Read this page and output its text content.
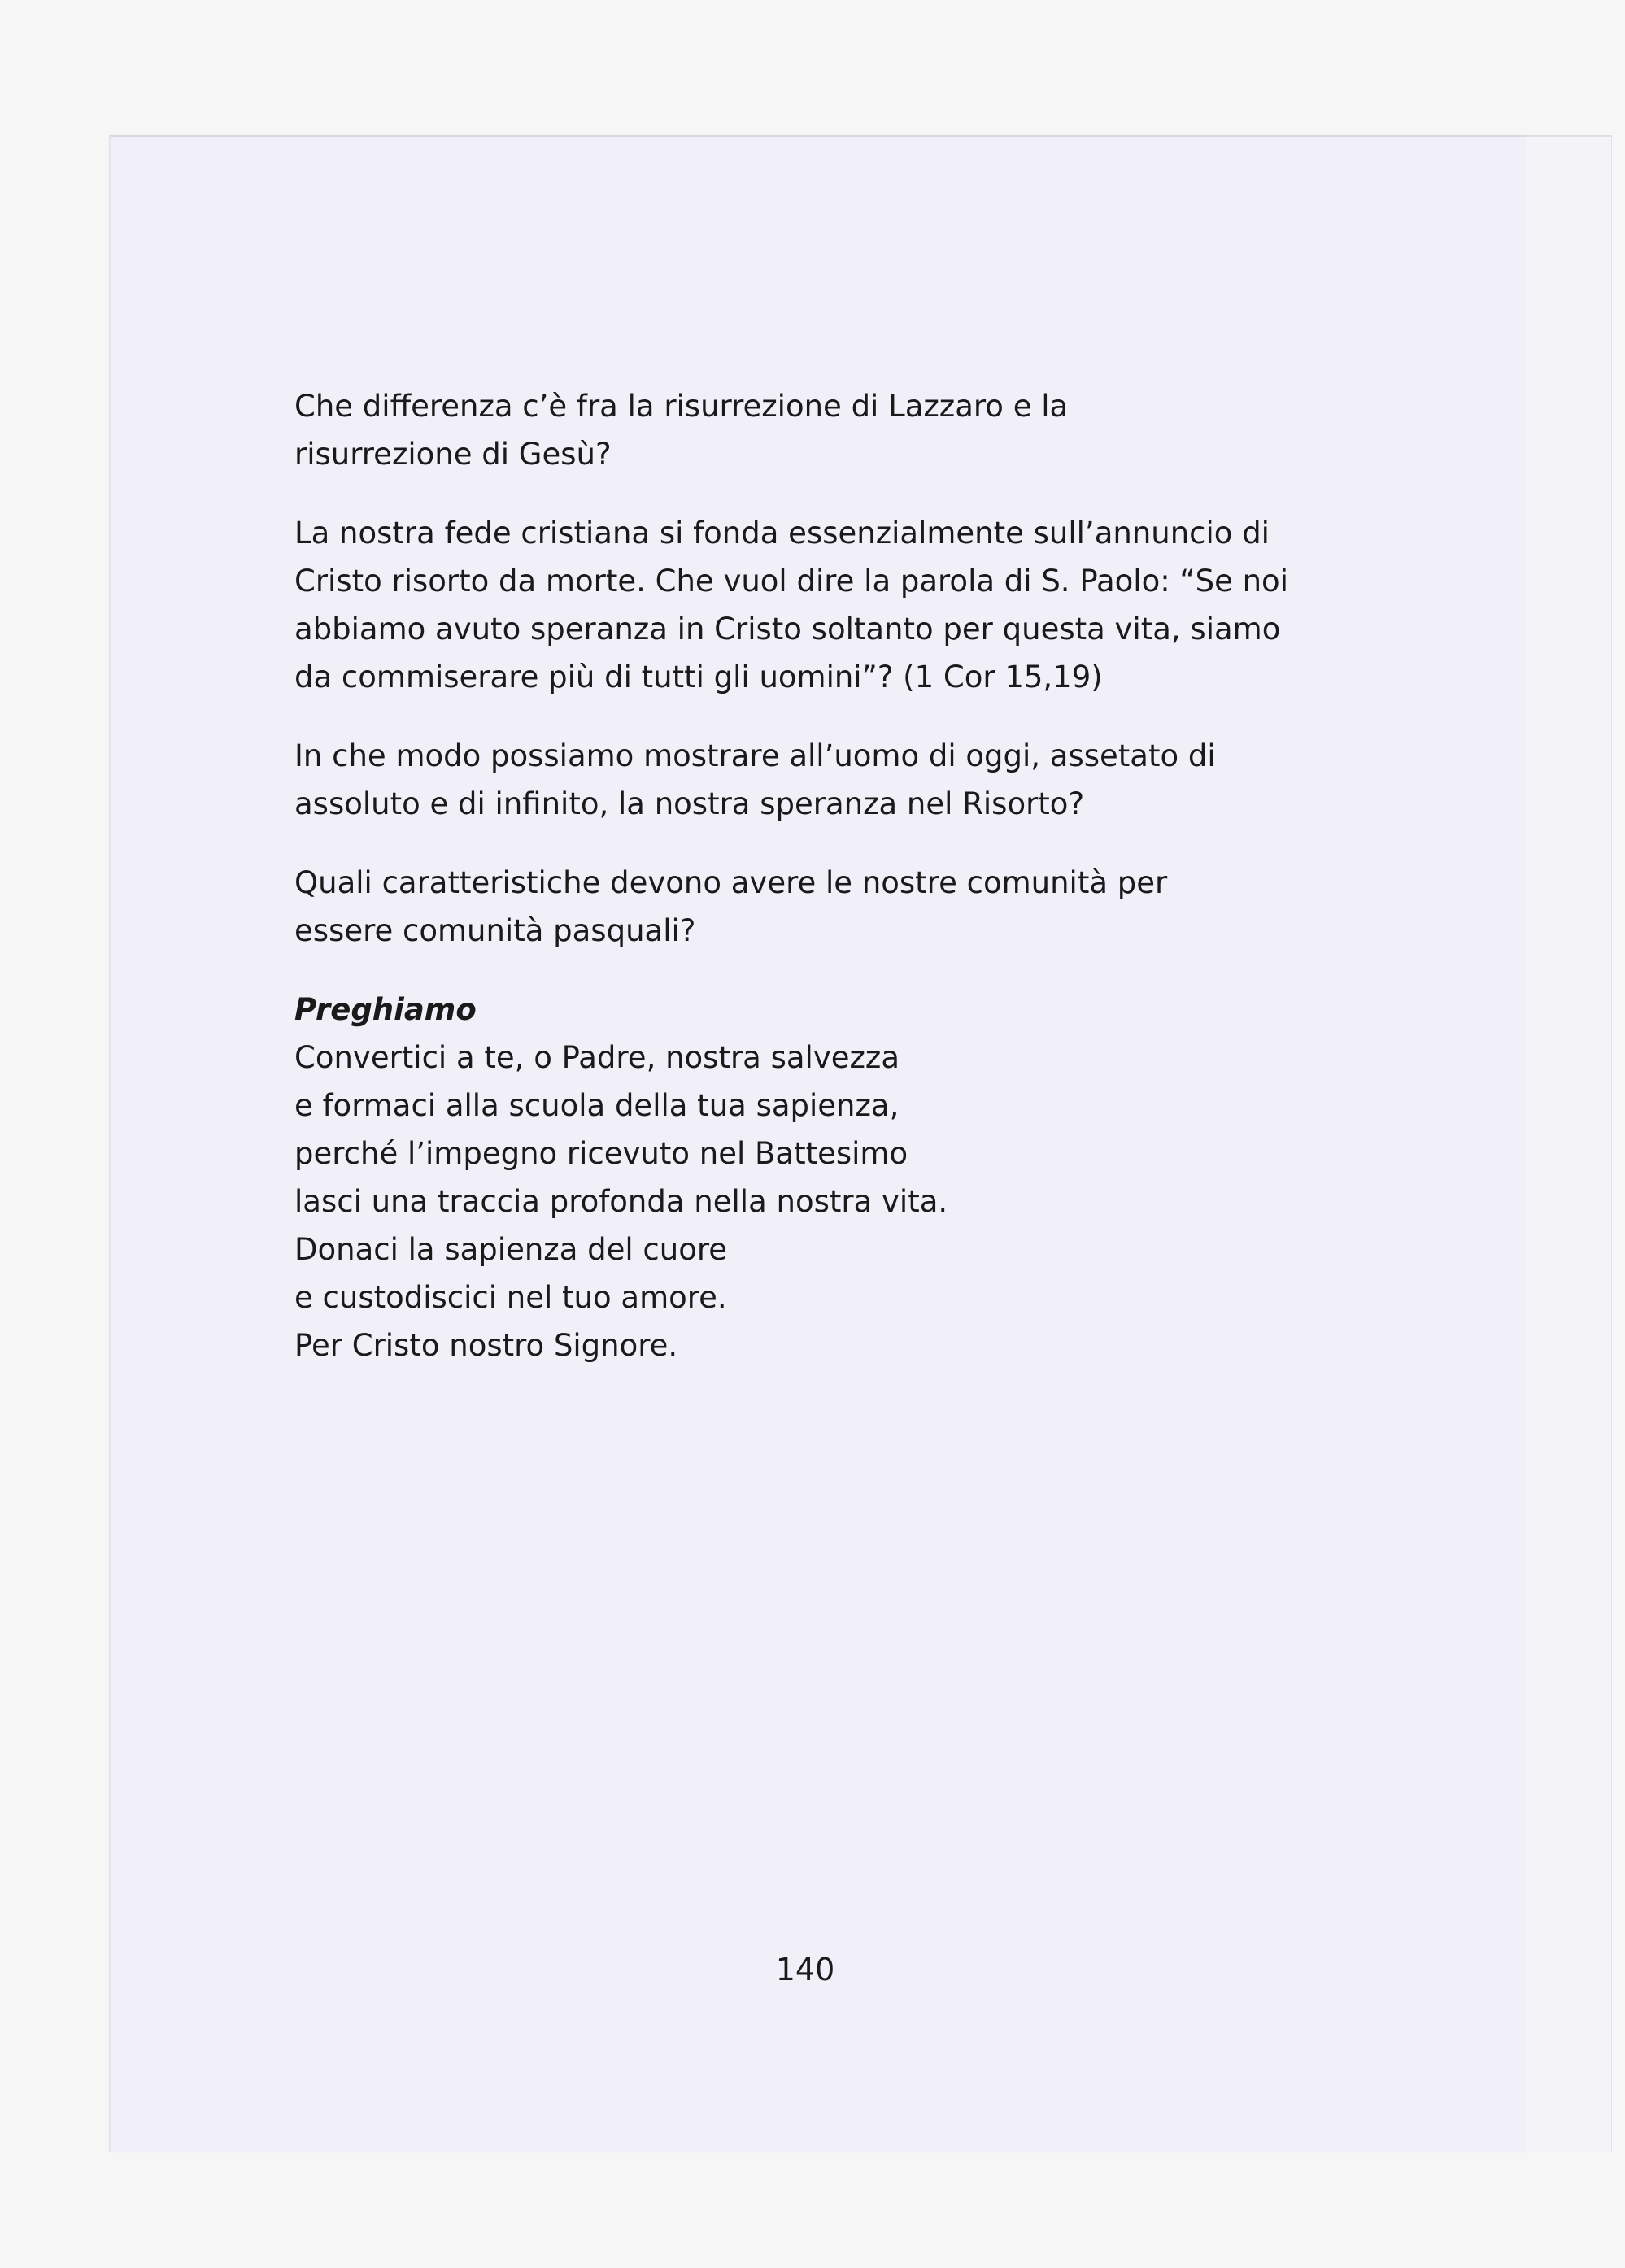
Che differenza c’è fra la risurrezione di Lazzaro e la risurrezione di Gesù?

La nostra fede cristiana si fonda essenzialmente sull’annuncio di Cristo risorto da morte. Che vuol dire la parola di S. Paolo: “Se noi abbiamo avuto speranza in Cristo soltanto per questa vita, siamo da commiserare più di tutti gli uomini”? (1 Cor 15,19)

In che modo possiamo mostrare all’uomo di oggi, assetato di assoluto e di infinito, la nostra speranza nel Risorto?

Quali caratteristiche devono avere le nostre comunità per essere comunità pasquali?

Preghiamo

Convertici a te, o Padre, nostra salvezza

e formaci alla scuola della tua sapienza,

perché l’impegno ricevuto nel Battesimo

lasci una traccia profonda nella nostra vita.

Donaci la sapienza del cuore

e custodiscici nel tuo amore.

Per Cristo nostro Signore.

140
